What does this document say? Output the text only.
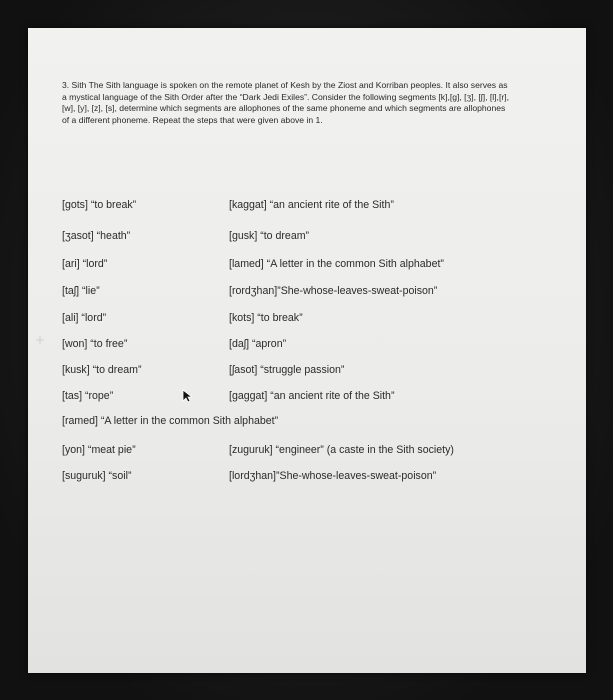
3. Sith The Sith language is spoken on the remote planet of Kesh by the Ziost and Korriban peoples. It also serves as a mystical language of the Sith Order after the “Dark Jedi Exiles”. Consider the following segments [k],[g], [ʒ], [ʃ], [l],[r], [w], [y], [z], [s], determine which segments are allophones of the same phoneme and which segments are allophones of a different phoneme. Repeat the steps that were given above in 1.
[gots] “to break”	[kaggat] “an ancient rite of the Sith”
[ʒasot] “heath”	[gusk] “to dream”
[ari] “lord”	[lamed] “A letter in the common Sith alphabet”
[taʃ] “lie”	[rordʒhan]”She-whose-leaves-sweat-poison”
[ali] “lord”	[kots] “to break”
[won] “to free”	[daʃ] “apron”
[kusk] “to dream”	[ʃasot] “struggle passion”
[tas] “rope”	[gaggat] “an ancient rite of the Sith”
[ramed] “A letter in the common Sith alphabet”
[yon] “meat pie”	[zuguruk] “engineer” (a caste in the Sith society)
[suguruk] “soil”	[lordʒhan]”She-whose-leaves-sweat-poison”
